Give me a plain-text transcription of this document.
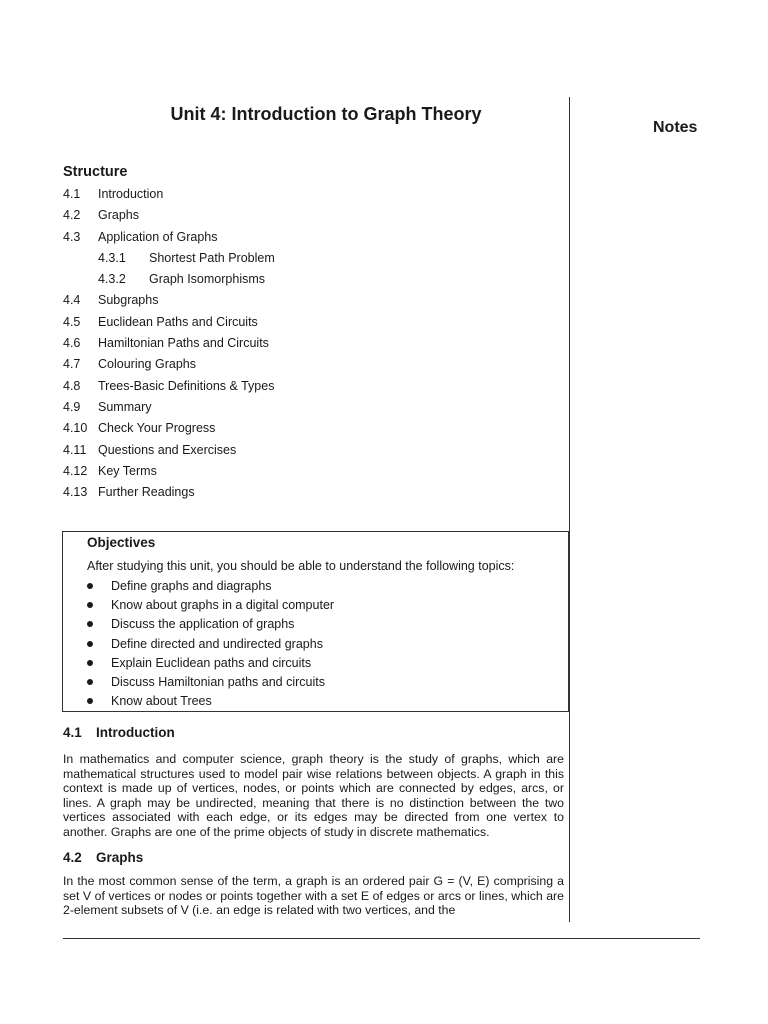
Unit 4: Introduction to Graph Theory
Notes
Structure
4.1 Introduction
4.2 Graphs
4.3 Application of Graphs
4.3.1 Shortest Path Problem
4.3.2 Graph Isomorphisms
4.4 Subgraphs
4.5 Euclidean Paths and Circuits
4.6 Hamiltonian Paths and Circuits
4.7 Colouring Graphs
4.8 Trees-Basic Definitions & Types
4.9 Summary
4.10 Check Your Progress
4.11 Questions and Exercises
4.12 Key Terms
4.13 Further Readings
Objectives
After studying this unit, you should be able to understand the following topics:
Define graphs and diagraphs
Know about graphs in a digital computer
Discuss the application of graphs
Define directed and undirected graphs
Explain Euclidean paths and circuits
Discuss Hamiltonian paths and circuits
Know about Trees
4.1 Introduction

In mathematics and computer science, graph theory is the study of graphs, which are mathematical structures used to model pair wise relations between objects. A graph in this context is made up of vertices, nodes, or points which are connected by edges, arcs, or lines. A graph may be undirected, meaning that there is no distinction between the two vertices associated with each edge, or its edges may be directed from one vertex to another. Graphs are one of the prime objects of study in discrete mathematics.

4.2 Graphs

In the most common sense of the term, a graph is an ordered pair G = (V, E) comprising a set V of vertices or nodes or points together with a set E of edges or arcs or lines, which are 2-element subsets of V (i.e. an edge is related with two vertices, and the
